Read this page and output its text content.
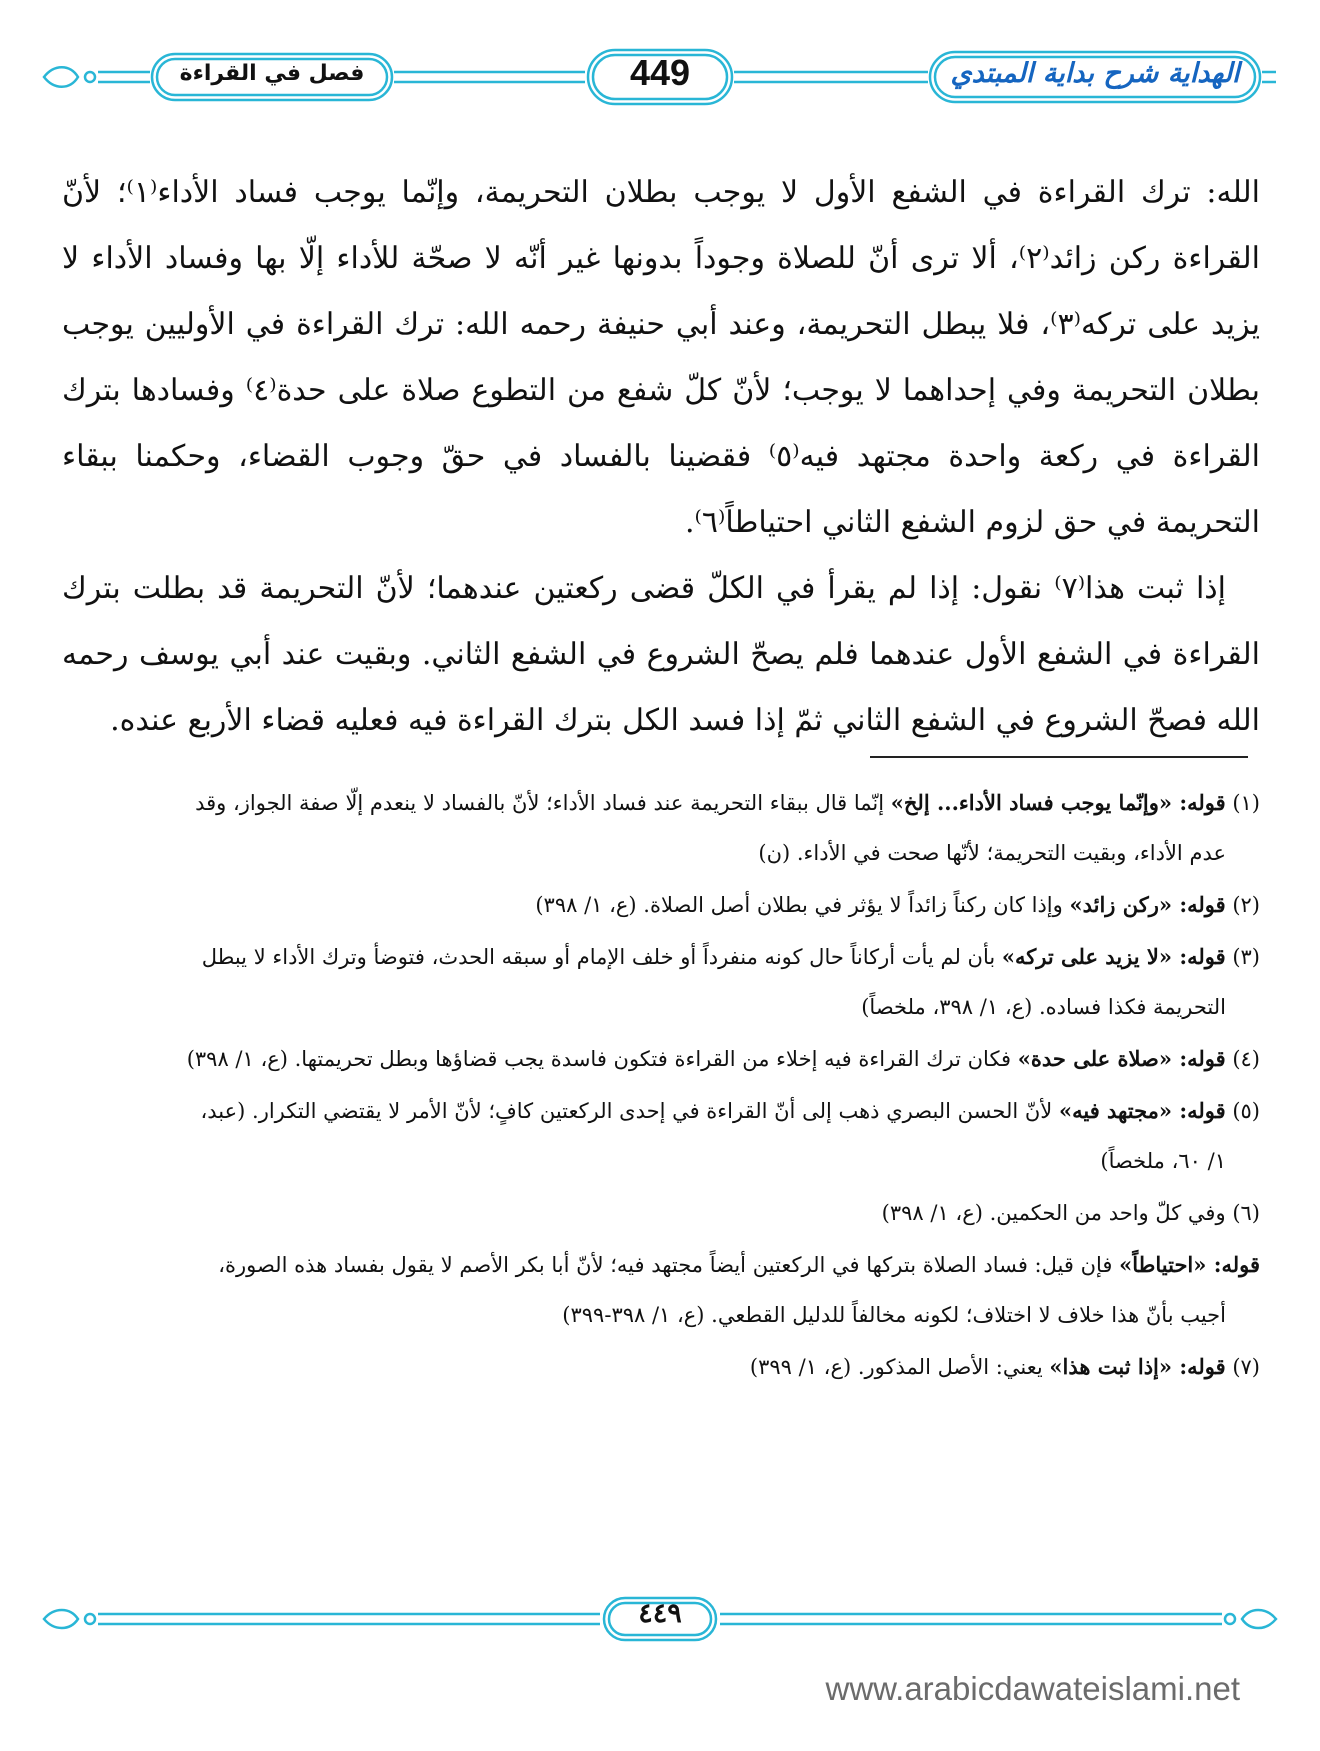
فصل في القراءة	449	الهداية شرح بداية المبتدي

الله: ترك القراءة في الشفع الأول لا يوجب بطلان التحريمة، وإنّما يوجب فساد الأداء⁽١⁾؛ لأنّ القراءة ركن زائد⁽٢⁾، ألا ترى أنّ للصلاة وجوداً بدونها غير أنّه لا صحّة للأداء إلّا بها وفساد الأداء لا يزيد على تركه⁽٣⁾، فلا يبطل التحريمة، وعند أبي حنيفة رحمه الله: ترك القراءة في الأوليين يوجب بطلان التحريمة وفي إحداهما لا يوجب؛ لأنّ كلّ شفع من التطوع صلاة على حدة⁽٤⁾ وفسادها بترك القراءة في ركعة واحدة مجتهد فيه⁽٥⁾ فقضينا بالفساد في حقّ وجوب القضاء، وحكمنا ببقاء التحريمة في حق لزوم الشفع الثاني احتياطاً⁽٦⁾.

إذا ثبت هذا⁽٧⁾ نقول: إذا لم يقرأ في الكلّ قضى ركعتين عندهما؛ لأنّ التحريمة قد بطلت بترك القراءة في الشفع الأول عندهما فلم يصحّ الشروع في الشفع الثاني. وبقيت عند أبي يوسف رحمه الله فصحّ الشروع في الشفع الثاني ثمّ إذا فسد الكل بترك القراءة فيه فعليه قضاء الأربع عنده.

(١) قوله: «وإنّما يوجب فساد الأداء... إلخ» إنّما قال ببقاء التحريمة عند فساد الأداء؛ لأنّ بالفساد لا ينعدم إلّا صفة الجواز، وقد
عدم الأداء، وبقيت التحريمة؛ لأنّها صحت في الأداء. (ن)
(٢) قوله: «ركن زائد» وإذا كان ركناً زائداً لا يؤثر في بطلان أصل الصلاة. (ع، ١/ ٣٩٨)
(٣) قوله: «لا يزيد على تركه» بأن لم يأت أركاناً حال كونه منفرداً أو خلف الإمام أو سبقه الحدث، فتوضأ وترك الأداء لا يبطل
التحريمة فكذا فساده. (ع، ١/ ٣٩٨، ملخصاً)
(٤) قوله: «صلاة على حدة» فكان ترك القراءة فيه إخلاء من القراءة فتكون فاسدة يجب قضاؤها وبطل تحريمتها. (ع، ١/ ٣٩٨)
(٥) قوله: «مجتهد فيه» لأنّ الحسن البصري ذهب إلى أنّ القراءة في إحدى الركعتين كافٍ؛ لأنّ الأمر لا يقتضي التكرار. (عبد،
١/ ٦٠، ملخصاً)
(٦) وفي كلّ واحد من الحكمين. (ع، ١/ ٣٩٨)
قوله: «احتياطاً» فإن قيل: فساد الصلاة بتركها في الركعتين أيضاً مجتهد فيه؛ لأنّ أبا بكر الأصم لا يقول بفساد هذه الصورة،
أجيب بأنّ هذا خلاف لا اختلاف؛ لكونه مخالفاً للدليل القطعي. (ع، ١/ ٣٩٨-٣٩٩)
(٧) قوله: «إذا ثبت هذا» يعني: الأصل المذكور. (ع، ١/ ٣٩٩)
٤٤٩
www.arabicdawateislami.net
